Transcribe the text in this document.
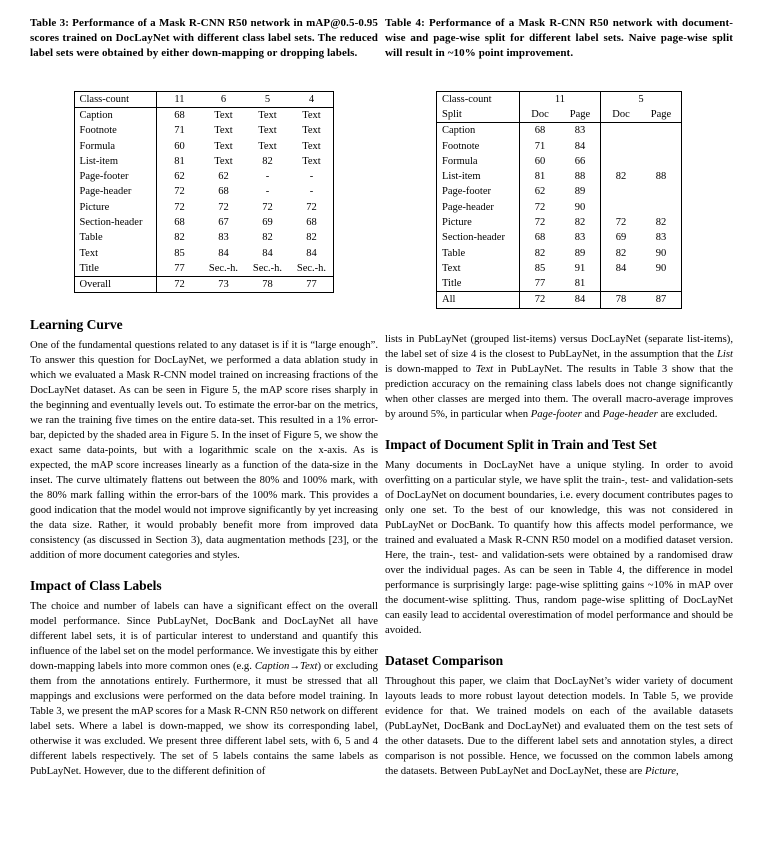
Table 3: Performance of a Mask R-CNN R50 network in mAP@0.5-0.95 scores trained on DocLayNet with different class label sets. The reduced label sets were obtained by either down-mapping or dropping labels.
Class-count	11	6	5	4
Caption	68	Text	Text	Text
Footnote	71	Text	Text	Text
Formula	60	Text	Text	Text
List-item	81	Text	82	Text
Page-footer	62	62	-	-
Page-header	72	68	-	-
Picture	72	72	72	72
Section-header	68	67	69	68
Table	82	83	82	82
Text	85	84	84	84
Title	77	Sec.-h.	Sec.-h.	Sec.-h.
Overall	72	73	78	77
Learning Curve

One of the fundamental questions related to any dataset is if it is “large enough”. To answer this question for DocLayNet, we performed a data ablation study in which we evaluated a Mask R-CNN model trained on increasing fractions of the DocLayNet dataset. As can be seen in Figure 5, the mAP score rises sharply in the beginning and eventually levels out. To estimate the error-bar on the metrics, we ran the training five times on the entire data-set. This resulted in a 1% error-bar, depicted by the shaded area in Figure 5. In the inset of Figure 5, we show the exact same data-points, but with a logarithmic scale on the x-axis. As is expected, the mAP score increases linearly as a function of the data-size in the inset. The curve ultimately flattens out between the 80% and 100% mark, with the 80% mark falling within the error-bars of the 100% mark. This provides a good indication that the model would not improve significantly by yet increasing the data size. Rather, it would probably benefit more from improved data consistency (as discussed in Section 3), data augmentation methods [23], or the addition of more document categories and styles.

Impact of Class Labels

The choice and number of labels can have a significant effect on the overall model performance. Since PubLayNet, DocBank and DocLayNet all have different label sets, it is of particular interest to understand and quantify this influence of the label set on the model performance. We investigate this by either down-mapping labels into more common ones (e.g. Caption→Text) or excluding them from the annotations entirely. Furthermore, it must be stressed that all mappings and exclusions were performed on the data before model training. In Table 3, we present the mAP scores for a Mask R-CNN R50 network on different label sets. Where a label is down-mapped, we show its corresponding label, otherwise it was excluded. We present three different label sets, with 6, 5 and 4 different labels respectively. The set of 5 labels contains the same labels as PubLayNet. However, due to the different definition of

Table 4: Performance of a Mask R-CNN R50 network with document-wise and page-wise split for different label sets. Naive page-wise split will result in ~10% point improvement.
Class-count	11		5	
Split	Doc	Page	Doc	Page
Caption	68	83		
Footnote	71	84		
Formula	60	66		
List-item	81	88	82	88
Page-footer	62	89		
Page-header	72	90		
Picture	72	82	72	82
Section-header	68	83	69	83
Table	82	89	82	90
Text	85	91	84	90
Title	77	81		
All	72	84	78	87

lists in PubLayNet (grouped list-items) versus DocLayNet (separate list-items), the label set of size 4 is the closest to PubLayNet, in the assumption that the List is down-mapped to Text in PubLayNet. The results in Table 3 show that the prediction accuracy on the remaining class labels does not change significantly when other classes are merged into them. The overall macro-average improves by around 5%, in particular when Page-footer and Page-header are excluded.

Impact of Document Split in Train and Test Set

Many documents in DocLayNet have a unique styling. In order to avoid overfitting on a particular style, we have split the train-, test- and validation-sets of DocLayNet on document boundaries, i.e. every document contributes pages to only one set. To the best of our knowledge, this was not considered in PubLayNet or DocBank. To quantify how this affects model performance, we trained and evaluated a Mask R-CNN R50 model on a modified dataset version. Here, the train-, test- and validation-sets were obtained by a randomised draw over the individual pages. As can be seen in Table 4, the difference in model performance is surprisingly large: page-wise splitting gains ~10% in mAP over the document-wise splitting. Thus, random page-wise splitting of DocLayNet can easily lead to accidental overestimation of model performance and should be avoided.

Dataset Comparison

Throughout this paper, we claim that DocLayNet’s wider variety of document layouts leads to more robust layout detection models. In Table 5, we provide evidence for that. We trained models on each of the available datasets (PubLayNet, DocBank and DocLayNet) and evaluated them on the test sets of the other datasets. Due to the different label sets and annotation styles, a direct comparison is not possible. Hence, we focussed on the common labels among the datasets. Between PubLayNet and DocLayNet, these are Picture,
